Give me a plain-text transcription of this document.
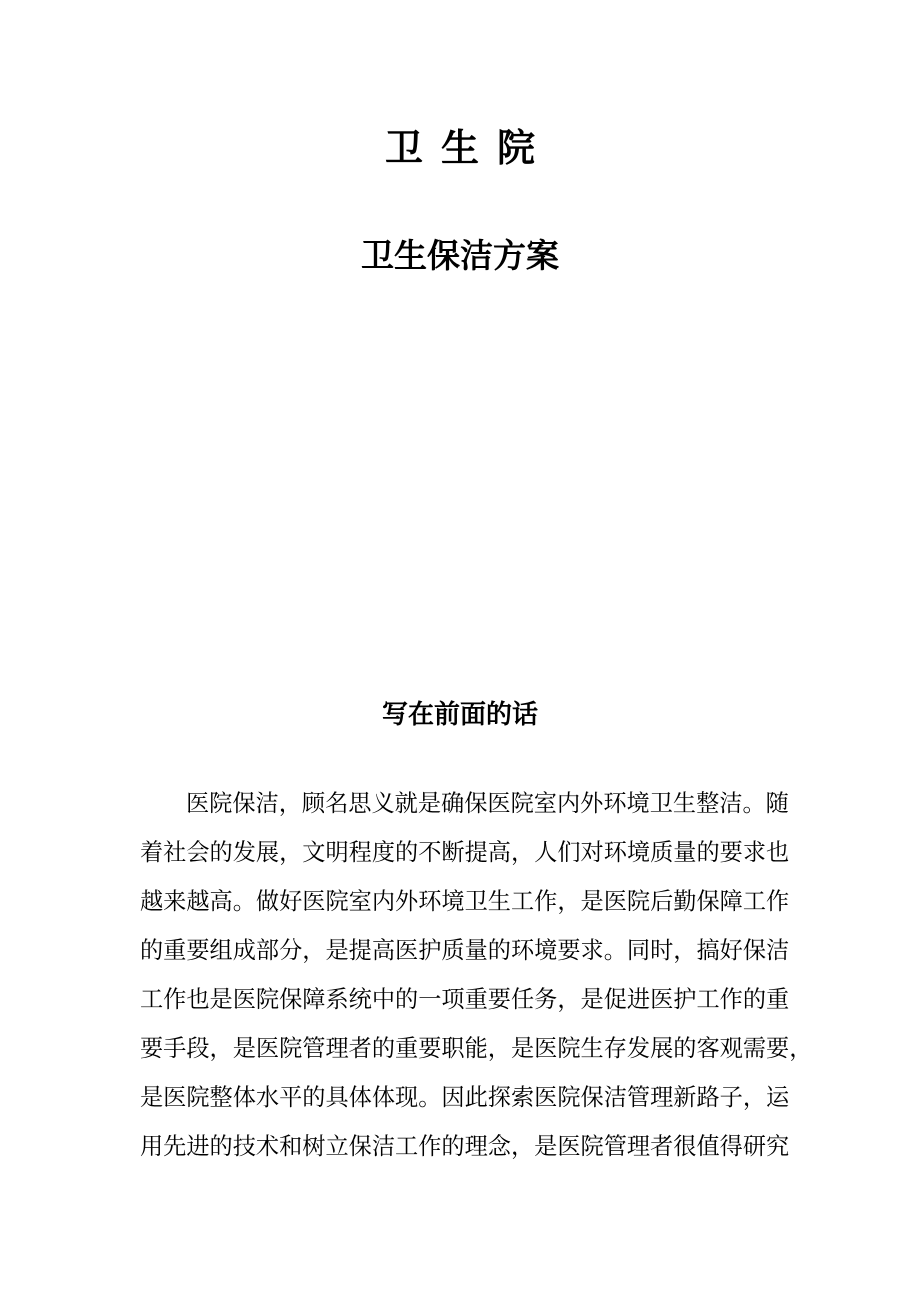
卫生院
卫生保洁方案
写在前面的话
医院保洁，顾名思义就是确保医院室内外环境卫生整洁。随
着社会的发展，文明程度的不断提高，人们对环境质量的要求也
越来越高。做好医院室内外环境卫生工作，是医院后勤保障工作
的重要组成部分，是提高医护质量的环境要求。同时，搞好保洁
工作也是医院保障系统中的一项重要任务，是促进医护工作的重
要手段，是医院管理者的重要职能，是医院生存发展的客观需要，
是医院整体水平的具体体现。因此探索医院保洁管理新路子，运
用先进的技术和树立保洁工作的理念，是医院管理者很值得研究
